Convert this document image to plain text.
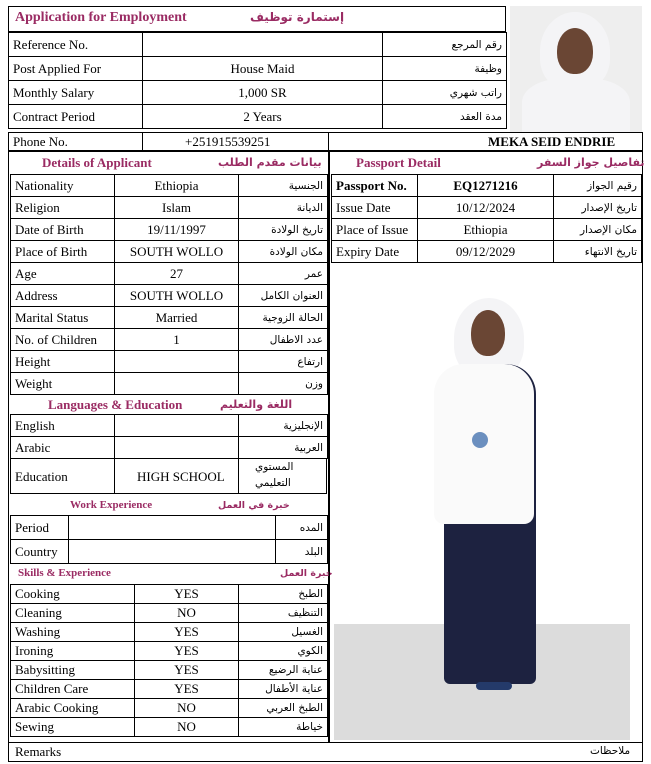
Application for Employment	إستمارة توظيف
Reference No.		رقم المرجع
Post Applied For	House Maid	وظيفة
Monthly Salary	1,000 SR	راتب شهري
Contract Period	2 Years	مدة العقد
Phone No.	+251915539251	MEKA SEID ENDRIE
Details of Applicant	بيانات مقدم الطلب
Nationality	Ethiopia	الجنسية
Religion	Islam	الديانة
Date of Birth	19/11/1997	تاريخ الولادة
Place of Birth	SOUTH WOLLO	مكان الولادة
Age	27	عمر
Address	SOUTH WOLLO	العنوان الكامل
Marital Status	Married	الحالة الزوجية
No. of Children	1	عدد الاطفال
Height		ارتفاع
Weight		وزن
Languages & Education	اللغة والتعليم
English		الإنجليزية
Arabic		العربية
Education	HIGH SCHOOL
المستوي
التعليمي
Work Experience	خبرة في العمل
Period		المده
Country		البلد
Skills & Experience	خبرة العمل
Cooking	YES	الطبخ
Cleaning	NO	التنظيف
Washing	YES	الغسيل
Ironing	YES	الكوي
Babysitting	YES	عناية الرضيع
Children Care	YES	عناية الأطفال
Arabic Cooking	NO	الطبخ العربي
Sewing	NO	خياطة
Remarks	ملاحظات
Passport Detail	تفاصيل جواز السفر
Passport No.	EQ1271216	رقيم الجواز
Issue Date	10/12/2024	تاريخ الإصدار
Place of Issue	Ethiopia	مكان الإصدار
Expiry Date	09/12/2029	تاريخ الانتهاء
